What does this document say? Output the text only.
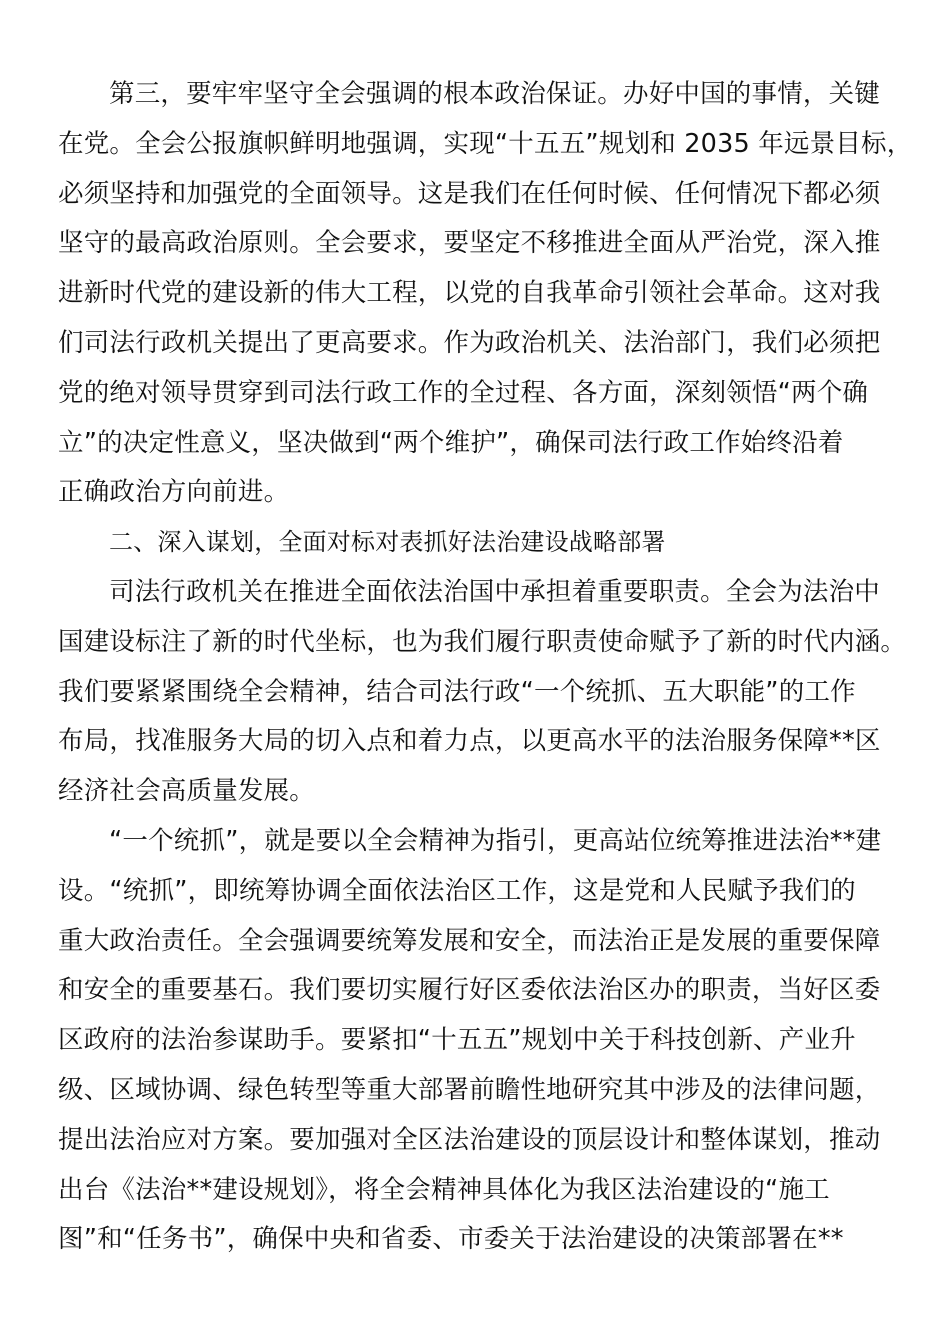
第三，要牢牢坚守全会强调的根本政治保证。办好中国的事情，关键
在党。全会公报旗帜鲜明地强调，实现“十五五”规划和 2035 年远景目标，
必须坚持和加强党的全面领导。这是我们在任何时候、任何情况下都必须
坚守的最高政治原则。全会要求，要坚定不移推进全面从严治党，深入推
进新时代党的建设新的伟大工程，以党的自我革命引领社会革命。这对我
们司法行政机关提出了更高要求。作为政治机关、法治部门，我们必须把
党的绝对领导贯穿到司法行政工作的全过程、各方面，深刻领悟“两个确
立”的决定性意义，坚决做到“两个维护”，确保司法行政工作始终沿着
正确政治方向前进。
二、深入谋划，全面对标对表抓好法治建设战略部署
司法行政机关在推进全面依法治国中承担着重要职责。全会为法治中
国建设标注了新的时代坐标，也为我们履行职责使命赋予了新的时代内涵。
我们要紧紧围绕全会精神，结合司法行政“一个统抓、五大职能”的工作
布局，找准服务大局的切入点和着力点，以更高水平的法治服务保障**区
经济社会高质量发展。
“一个统抓”，就是要以全会精神为指引，更高站位统筹推进法治**建
设。“统抓”，即统筹协调全面依法治区工作，这是党和人民赋予我们的
重大政治责任。全会强调要统筹发展和安全，而法治正是发展的重要保障
和安全的重要基石。我们要切实履行好区委依法治区办的职责，当好区委
区政府的法治参谋助手。要紧扣“十五五”规划中关于科技创新、产业升
级、区域协调、绿色转型等重大部署前瞻性地研究其中涉及的法律问题，
提出法治应对方案。要加强对全区法治建设的顶层设计和整体谋划，推动
出台《法治**建设规划》，将全会精神具体化为我区法治建设的“施工
图”和“任务书”，确保中央和省委、市委关于法治建设的决策部署在**
